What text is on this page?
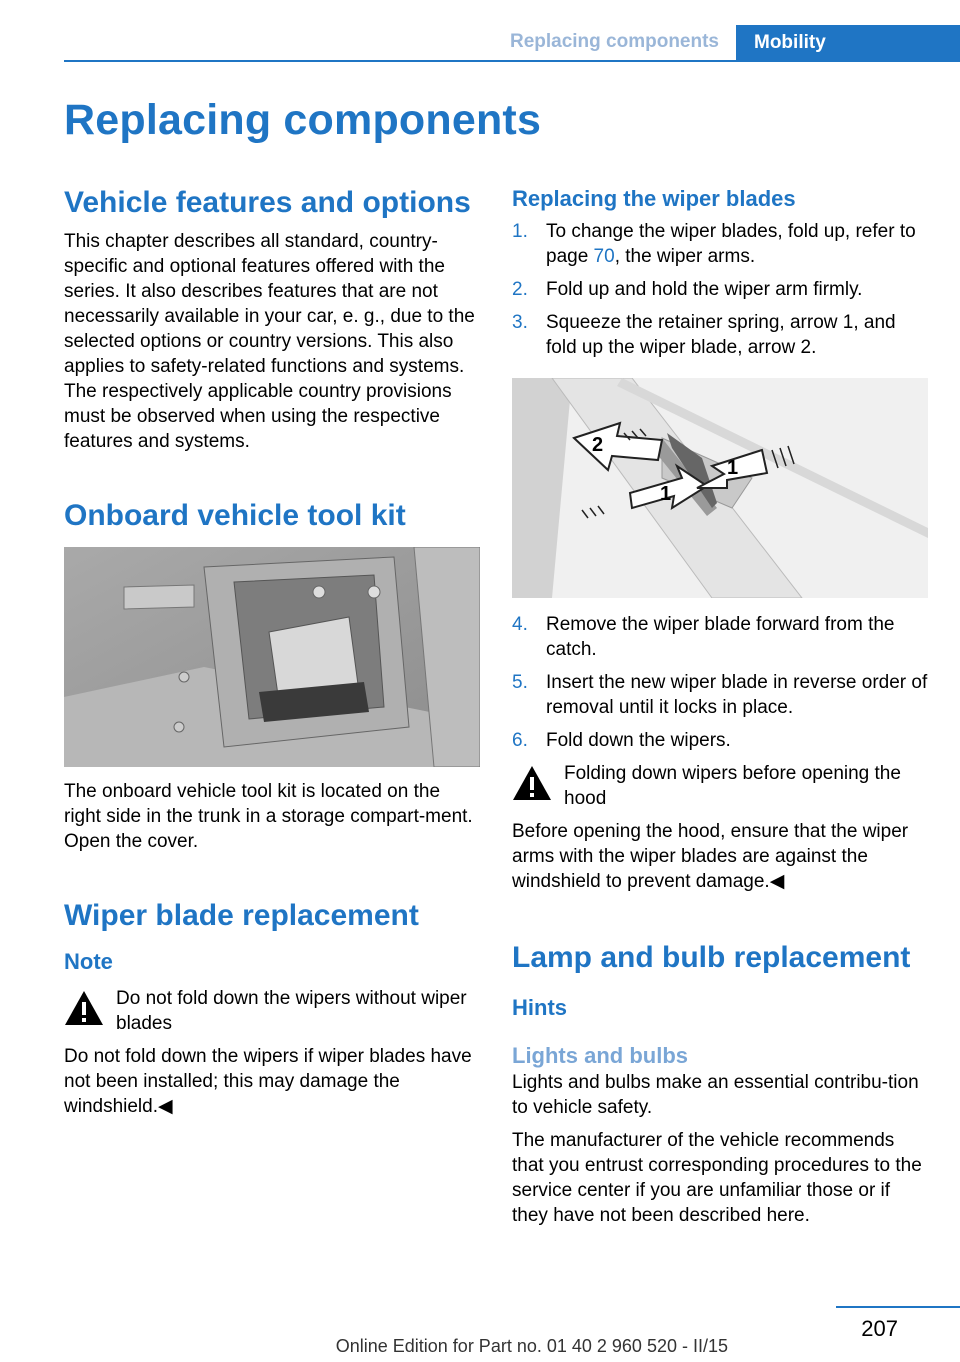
Replacing components	Mobility
Replacing components
Vehicle features and options

This chapter describes all standard, country-specific and optional features offered with the series. It also describes features that are not necessarily available in your car, e. g., due to the selected options or country versions. This also applies to safety-related functions and systems. The respectively applicable country provisions must be observed when using the respective features and systems.

Onboard vehicle tool kit

The onboard vehicle tool kit is located on the right side in the trunk in a storage compart-ment. Open the cover.

Wiper blade replacement
Note
Do not fold down the wipers without wiper blades

Do not fold down the wipers if wiper blades have not been installed; this may damage the windshield.◀

Replacing the wiper blades
1. To change the wiper blades, fold up, refer to page 70, the wiper arms.
2. Fold up and hold the wiper arm firmly.
3. Squeeze the retainer spring, arrow 1, and fold up the wiper blade, arrow 2.
2
1
1
4. Remove the wiper blade forward from the catch.
5. Insert the new wiper blade in reverse order of removal until it locks in place.
6. Fold down the wipers.
Folding down wipers before opening the hood

Before opening the hood, ensure that the wiper arms with the wiper blades are against the windshield to prevent damage.◀

Lamp and bulb replacement
Hints
Lights and bulbs

Lights and bulbs make an essential contribu-tion to vehicle safety.

The manufacturer of the vehicle recommends that you entrust corresponding procedures to the service center if you are unfamiliar those or if they have not been described here.

207
Online Edition for Part no. 01 40 2 960 520 - II/15
